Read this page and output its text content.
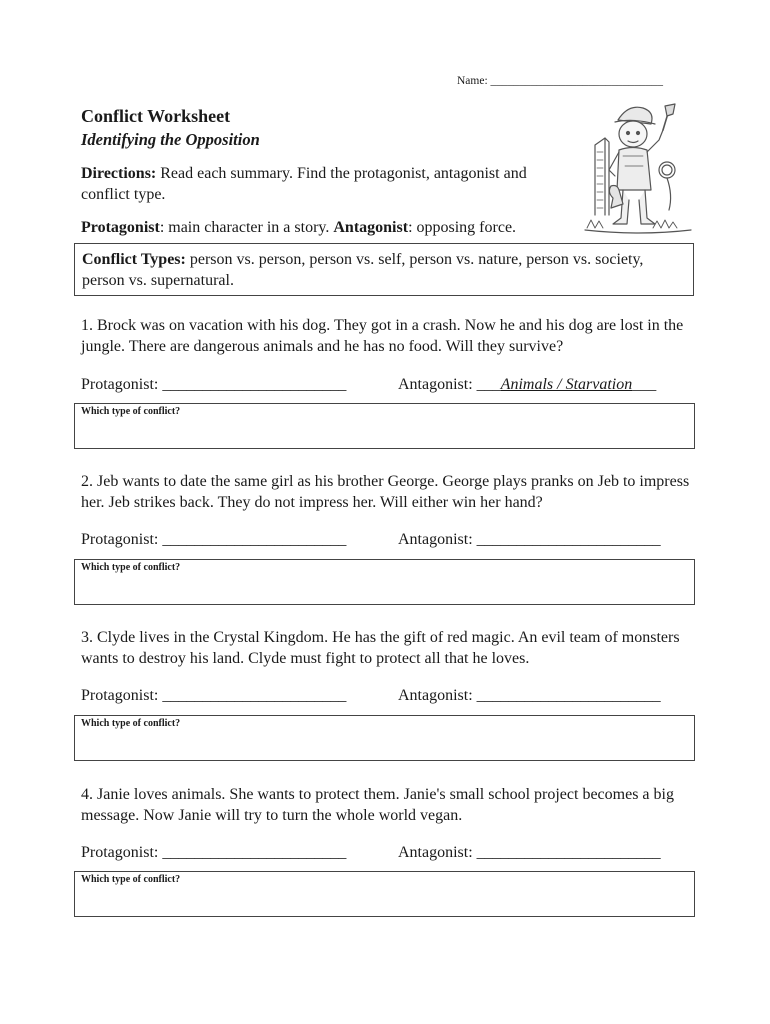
Name: ______________________________
Conflict Worksheet
Identifying the Opposition
Directions: Read each summary. Find the protagonist, antagonist and conflict type.
Protagonist: main character in a story. Antagonist: opposing force.
Conflict Types: person vs. person, person vs. self, person vs. nature, person vs. society, person vs. supernatural.
1. Brock was on vacation with his dog. They got in a crash. Now he and his dog are lost in the jungle. There are dangerous animals and he has no food. Will they survive?
Protagonist: _______________________	Antagonist: ___Animals / Starvation___
Which type of conflict?
2. Jeb wants to date the same girl as his brother George. George plays pranks on Jeb to impress her. Jeb strikes back. They do not impress her. Will either win her hand?
Protagonist: _______________________	Antagonist: _______________________
Which type of conflict?
3. Clyde lives in the Crystal Kingdom. He has the gift of red magic. An evil team of monsters wants to destroy his land. Clyde must fight to protect all that he loves.
Protagonist: _______________________	Antagonist: _______________________
Which type of conflict?
4. Janie loves animals. She wants to protect them. Janie's small school project becomes a big message. Now Janie will try to turn the whole world vegan.
Protagonist: _______________________	Antagonist: _______________________
Which type of conflict?
